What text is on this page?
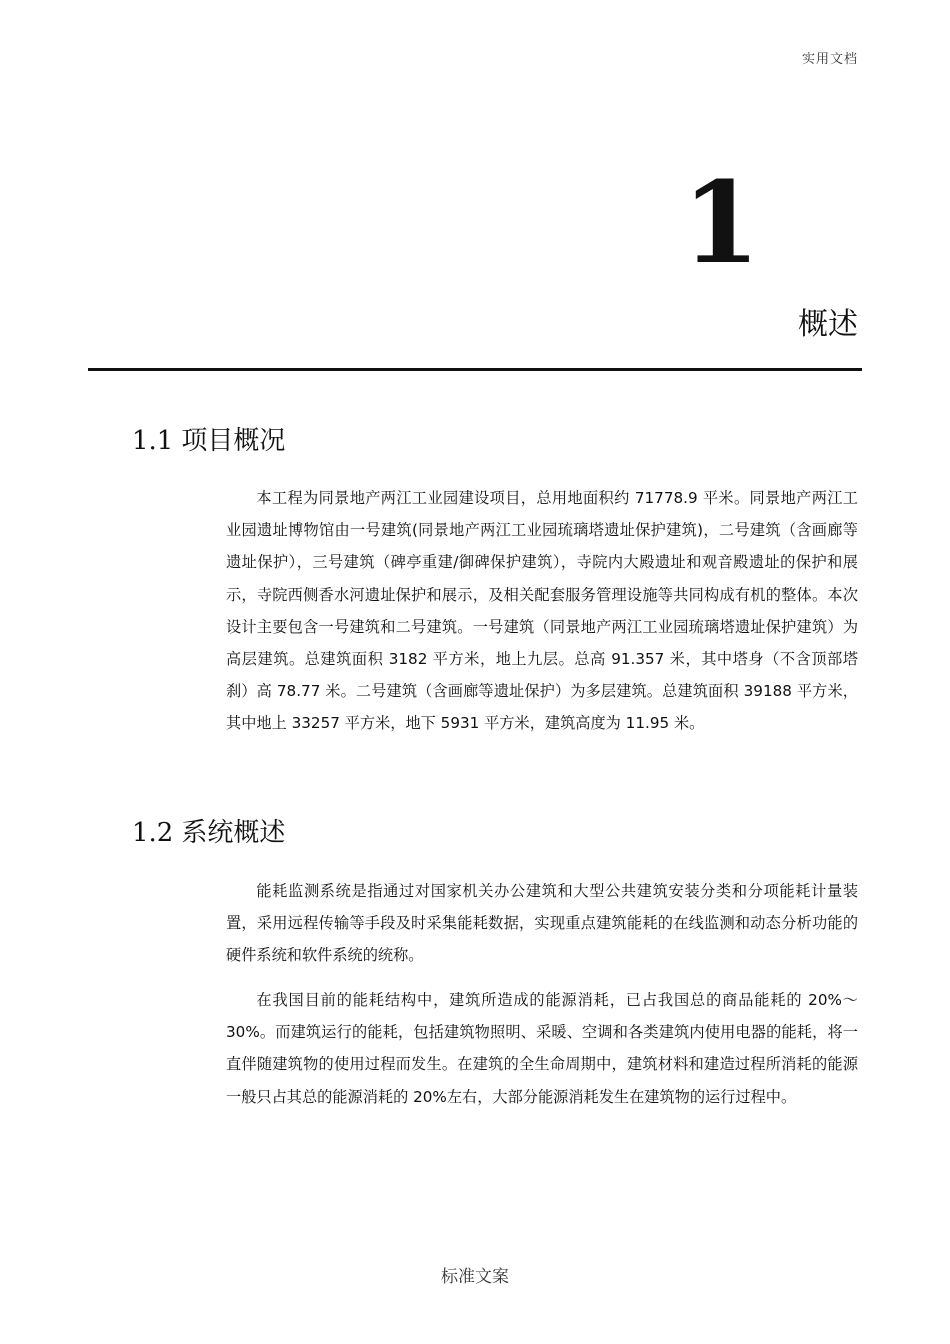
实用文档
1
概述
1.1 项目概况

本工程为同景地产两江工业园建设项目，总用地面积约 71778.9 平米。同景地产两江工业园遗址博物馆由一号建筑(同景地产两江工业园琉璃塔遗址保护建筑)，二号建筑（含画廊等遗址保护），三号建筑（碑亭重建/御碑保护建筑），寺院内大殿遗址和观音殿遗址的保护和展示，寺院西侧香水河遗址保护和展示，及相关配套服务管理设施等共同构成有机的整体。本次设计主要包含一号建筑和二号建筑。一号建筑（同景地产两江工业园琉璃塔遗址保护建筑）为高层建筑。总建筑面积 3182 平方米，地上九层。总高 91.357 米，其中塔身（不含顶部塔刹）高 78.77 米。二号建筑（含画廊等遗址保护）为多层建筑。总建筑面积 39188 平方米，其中地上 33257 平方米，地下 5931 平方米，建筑高度为 11.95 米。

1.2 系统概述

能耗监测系统是指通过对国家机关办公建筑和大型公共建筑安装分类和分项能耗计量装置，采用远程传输等手段及时采集能耗数据，实现重点建筑能耗的在线监测和动态分析功能的硬件系统和软件系统的统称。

在我国目前的能耗结构中，建筑所造成的能源消耗，已占我国总的商品能耗的 20%～30%。而建筑运行的能耗，包括建筑物照明、采暖、空调和各类建筑内使用电器的能耗，将一直伴随建筑物的使用过程而发生。在建筑的全生命周期中，建筑材料和建造过程所消耗的能源一般只占其总的能源消耗的 20%左右，大部分能源消耗发生在建筑物的运行过程中。

标准文案
